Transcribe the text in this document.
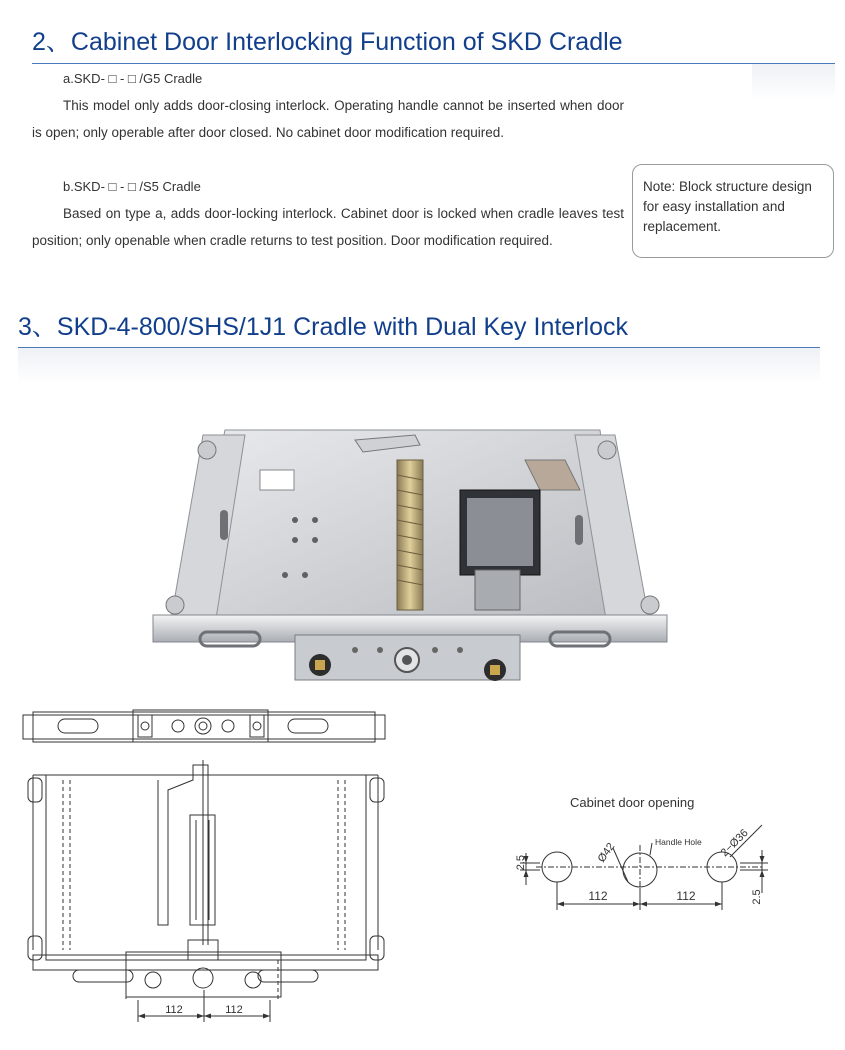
2、Cabinet Door Interlocking Function of SKD Cradle
a.SKD- □ - □ /G5 Cradle

This model only adds door-closing interlock. Operating handle cannot be inserted when door is open; only operable after door closed. No cabinet door modification required.

b.SKD- □ - □ /S5 Cradle

Based on type a, adds door-locking interlock. Cabinet door is locked when cradle leaves test position; only openable when cradle returns to test position. Door modification required.

Note: Block structure design for easy installation and replacement.
3、SKD-4-800/SHS/1J1 Cradle with Dual Key Interlock
112	112
Cabinet door opening
2.5
2.5
Ø42	Handle Hole 2−Ø36
112	112
